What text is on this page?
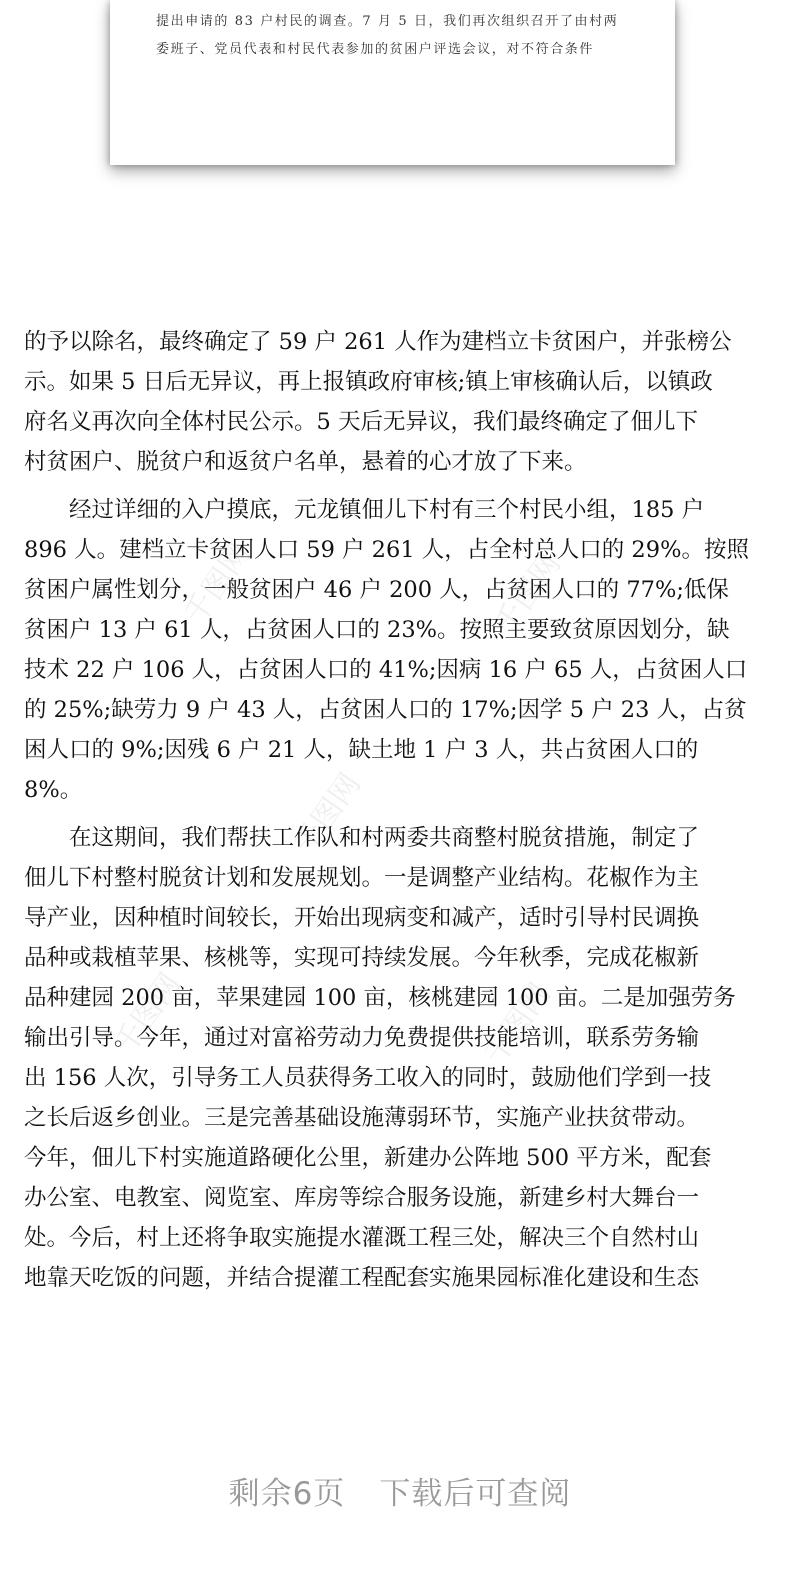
提出申请的 83 户村民的调查。7 月 5 日，我们再次组织召开了由村两

委班子、党员代表和村民代表参加的贫困户评选会议，对不符合条件

千图网	千图网
千图网
千图网	千图网

的予以除名，最终确定了 59 户 261 人作为建档立卡贫困户，并张榜公

示。如果 5 日后无异议，再上报镇政府审核;镇上审核确认后，以镇政

府名义再次向全体村民公示。5 天后无异议，我们最终确定了佃儿下

村贫困户、脱贫户和返贫户名单，悬着的心才放了下来。

　　经过详细的入户摸底，元龙镇佃儿下村有三个村民小组，185 户

896 人。建档立卡贫困人口 59 户 261 人，占全村总人口的 29%。按照

贫困户属性划分，一般贫困户 46 户 200 人，占贫困人口的 77%;低保

贫困户 13 户 61 人，占贫困人口的 23%。按照主要致贫原因划分，缺

技术 22 户 106 人，占贫困人口的 41%;因病 16 户 65 人，占贫困人口

的 25%;缺劳力 9 户 43 人，占贫困人口的 17%;因学 5 户 23 人，占贫

困人口的 9%;因残 6 户 21 人，缺土地 1 户 3 人，共占贫困人口的

8%。

　　在这期间，我们帮扶工作队和村两委共商整村脱贫措施，制定了

佃儿下村整村脱贫计划和发展规划。一是调整产业结构。花椒作为主

导产业，因种植时间较长，开始出现病变和减产，适时引导村民调换

品种或栽植苹果、核桃等，实现可持续发展。今年秋季，完成花椒新

品种建园 200 亩，苹果建园 100 亩，核桃建园 100 亩。二是加强劳务

输出引导。今年，通过对富裕劳动力免费提供技能培训，联系劳务输

出 156 人次，引导务工人员获得务工收入的同时，鼓励他们学到一技

之长后返乡创业。三是完善基础设施薄弱环节，实施产业扶贫带动。

今年，佃儿下村实施道路硬化公里，新建办公阵地 500 平方米，配套

办公室、电教室、阅览室、库房等综合服务设施，新建乡村大舞台一

处。今后，村上还将争取实施提水灌溉工程三处，解决三个自然村山

地靠天吃饭的问题，并结合提灌工程配套实施果园标准化建设和生态

剩余6页 下载后可查阅
